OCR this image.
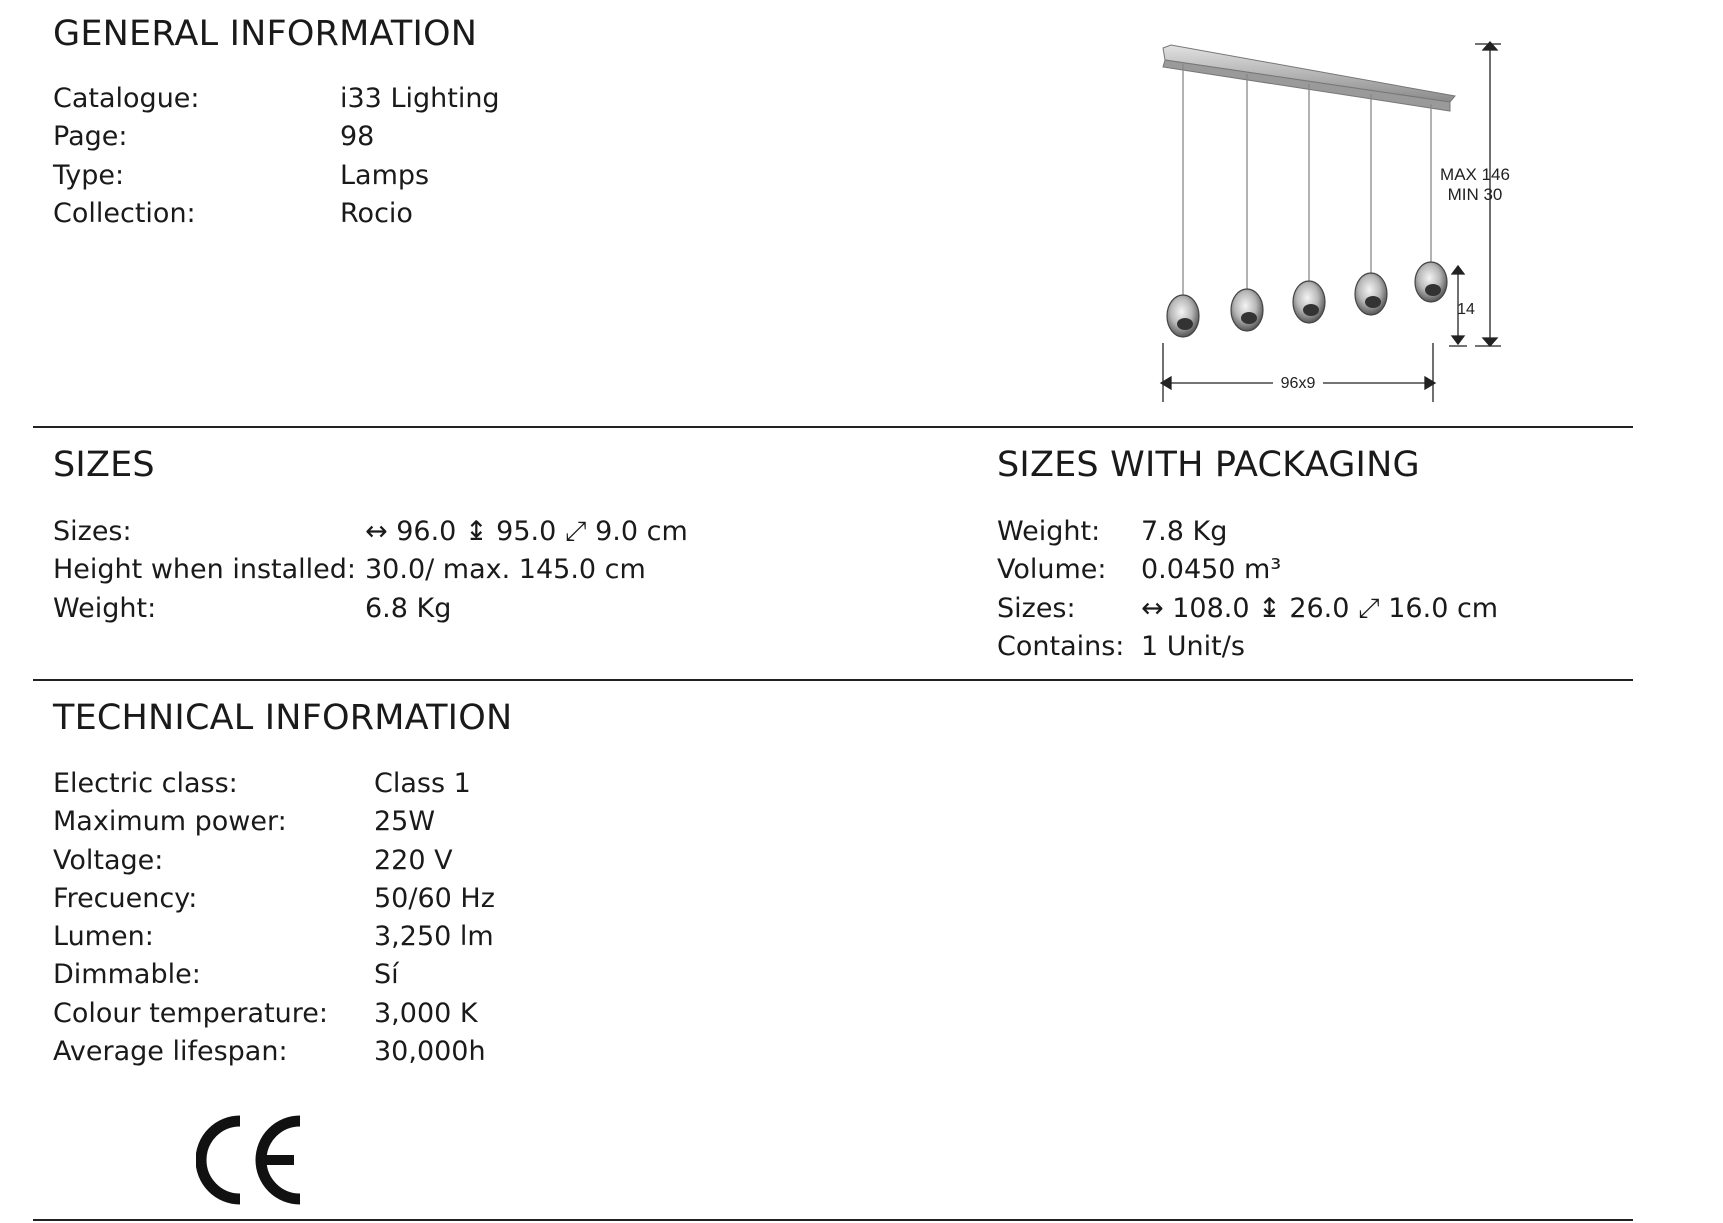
GENERAL INFORMATION
Catalogue:	i33 Lighting
Page:	98
Type:	Lamps
Collection:	Rocio
MAX 146
MIN 30
14
96x9
SIZES
Sizes:	↔ 96.0 ↨ 95.0 ⤢ 9.0 cm
Height when installed: 30.0/ max. 145.0 cm
Weight:	6.8 Kg
SIZES WITH PACKAGING
Weight: 7.8 Kg
Volume: 0.0450 m³
Sizes: ↔ 108.0 ↨ 26.0 ⤢ 16.0 cm
Contains: 1 Unit/s
TECHNICAL INFORMATION
Electric class:	Class 1
Maximum power:	25W
Voltage:	220 V
Frecuency:	50/60 Hz
Lumen:	3,250 lm
Dimmable:	Sí
Colour temperature: 3,000 K
Average lifespan:	30,000h
